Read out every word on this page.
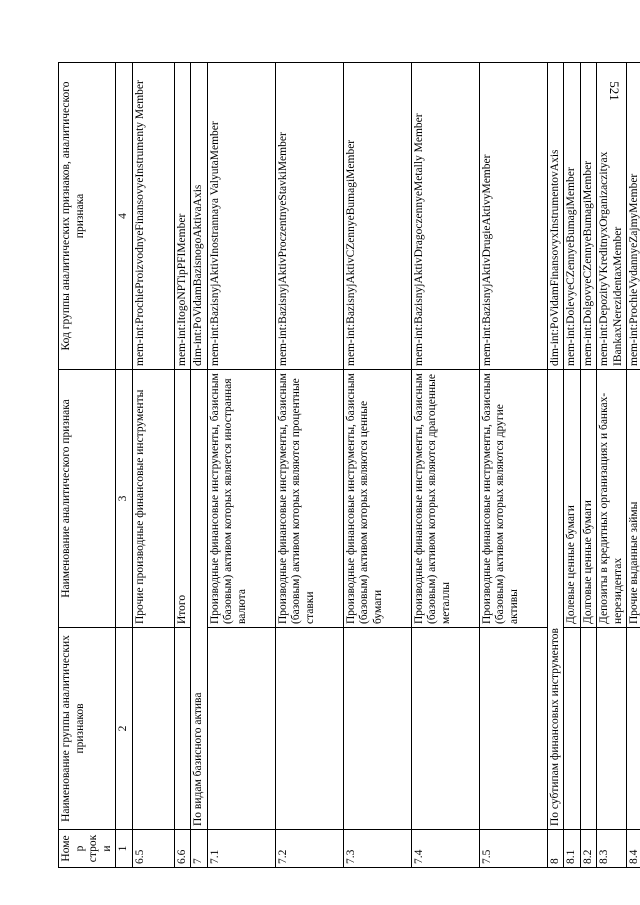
521
Номер строки	Наименование группы аналитических признаков	Наименование аналитического признака	Код группы аналитических признаков, аналитического признака
1	2	3	4
6.5		Прочие производные финансовые инструменты	mem-int:ProchieProizvodnyeFinansovyeInstrumenty Member
6.6		Итого	mem-int:ItogoNPTipPFIMember
7	По видам базисного актива		dim-int:PoVidamBazisnogoAktivaAxis
7.1		Производные финансовые инструменты, базисным (базовым) активом которых является иностранная валюта	mem-int:BazisnyjAktivInostrannaya ValyutaMember
7.2		Производные финансовые инструменты, базисным (базовым) активом которых являются процентные ставки	mem-int:BazisnyjAktivProczentnyeStavkiMember
7.3		Производные финансовые инструменты, базисным (базовым) активом которых являются ценные бумаги	mem-int:BazisnyjAktivCZennyeBumagiMember
7.4		Производные финансовые инструменты, базисным (базовым) активом которых являются драгоценные металлы	mem-int:BazisnyjAktivDragoczennyeMetally Member
7.5		Производные финансовые инструменты, базисным (базовым) активом которых являются другие активы	mem-int:BazisnyjAktivDrugieAktivyMember
8	По субтипам финансовых инструментов		dim-int:PoVidamFinansovyxInstrumentovAxis
8.1		Долевые ценные бумаги	mem-int:DolevyeCZennyeBumagiMember
8.2		Долговые ценные бумаги	mem-int:DolgovyeCZennyeBumagiMember
8.3		Депозиты в кредитных организациях и банках-нерезидентах	mem-int:DepozityVKreditnyxOrganizaczityax IBankaxNerezidentaxMember
8.4		Прочие выданные займы	mem-int:ProchieVydannyeZajmyMember
